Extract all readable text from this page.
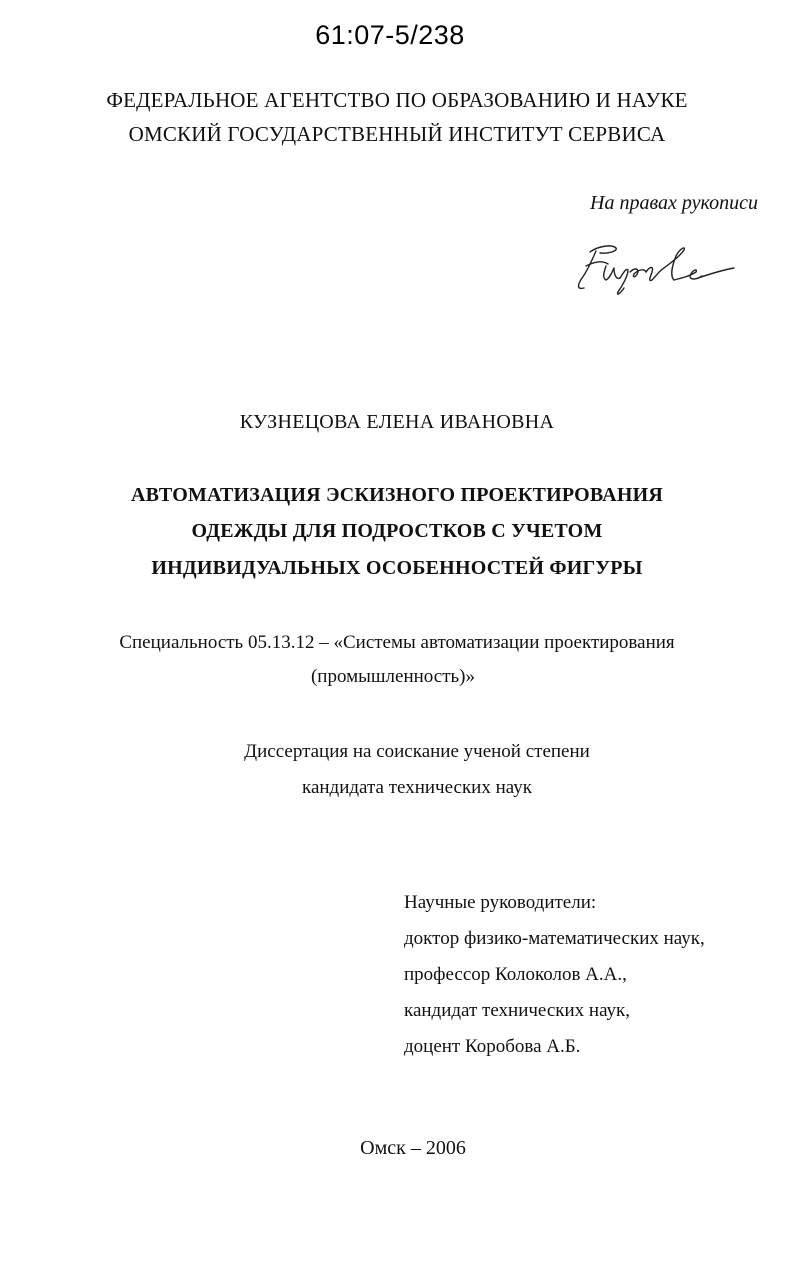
61:07-5/238
ФЕДЕРАЛЬНОЕ АГЕНТСТВО ПО ОБРАЗОВАНИЮ И НАУКЕ
ОМСКИЙ ГОСУДАРСТВЕННЫЙ ИНСТИТУТ СЕРВИСА
На правах рукописи
КУЗНЕЦОВА ЕЛЕНА ИВАНОВНА
АВТОМАТИЗАЦИЯ ЭСКИЗНОГО ПРОЕКТИРОВАНИЯ
ОДЕЖДЫ ДЛЯ ПОДРОСТКОВ С УЧЕТОМ
ИНДИВИДУАЛЬНЫХ ОСОБЕННОСТЕЙ ФИГУРЫ
Специальность 05.13.12 – «Системы автоматизации проектирования
(промышленность)»
Диссертация на соискание ученой степени
кандидата технических наук
Научные руководители:
доктор физико-математических наук,
профессор Колоколов А.А.,
кандидат технических наук,
доцент Коробова А.Б.
Омск – 2006
